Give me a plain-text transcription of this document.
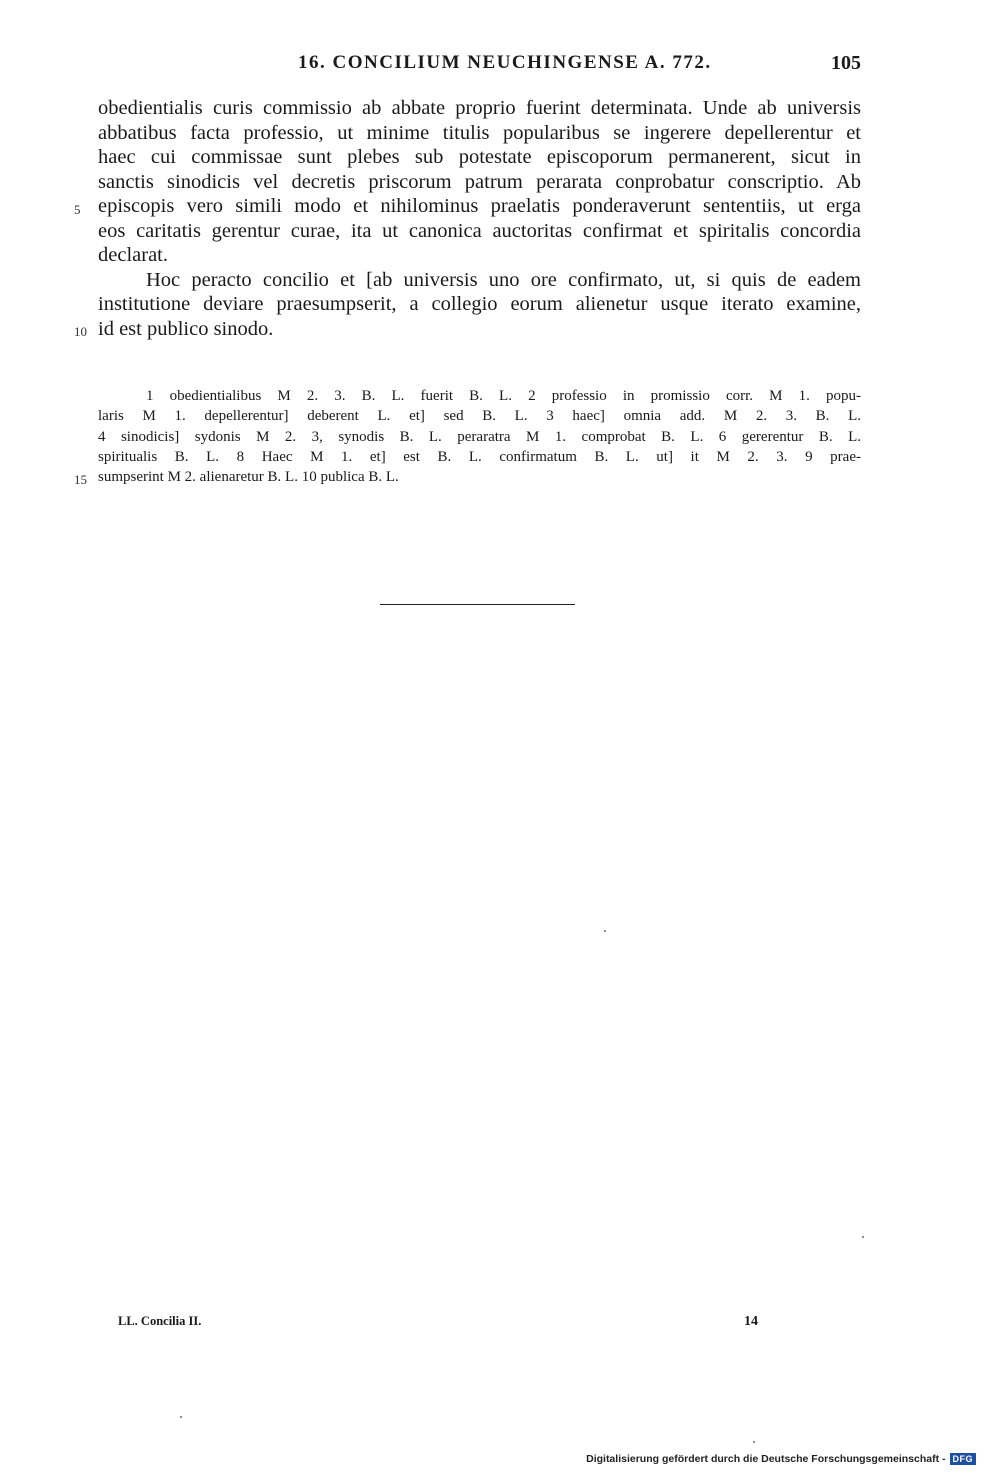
16. CONCILIUM NEUCHINGENSE A. 772.	105
obedientialis curis commissio ab abbate proprio fuerint determinata. Unde ab universis
abbatibus facta professio, ut minime titulis popularibus se ingerere depellerentur et
haec cui commissae sunt plebes sub potestate episcoporum permanerent, sicut in
sanctis sinodicis vel decretis priscorum patrum perarata conprobatur conscriptio. Ab
episcopis vero simili modo et nihilominus praelatis ponderaverunt sententiis, ut erga
eos caritatis gerentur curae, ita ut canonica auctoritas confirmat et spiritalis concordia
declarat.
Hoc peracto concilio et [ab universis uno ore confirmato, ut, si quis de eadem
institutione deviare praesumpserit, a collegio eorum alienetur usque iterato examine,
id est publico sinodo.
5
10
1 obedientialibus M 2. 3. B. L. fuerit B. L. 2 professio in promissio corr. M 1. popu-
laris M 1. depellerentur] deberent L. et] sed B. L. 3 haec] omnia add. M 2. 3. B. L.
4 sinodicis] sydonis M 2. 3, synodis B. L. peraratra M 1. comprobat B. L. 6 gererentur B. L.
spiritualis B. L. 8 Haec M 1. et] est B. L. confirmatum B. L. ut] it M 2. 3. 9 prae-
sumpserint M 2. alienaretur B. L. 10 publica B. L.
15
LL. Concilia II.	14
Digitalisierung gefördert durch die Deutsche Forschungsgemeinschaft - DFG
